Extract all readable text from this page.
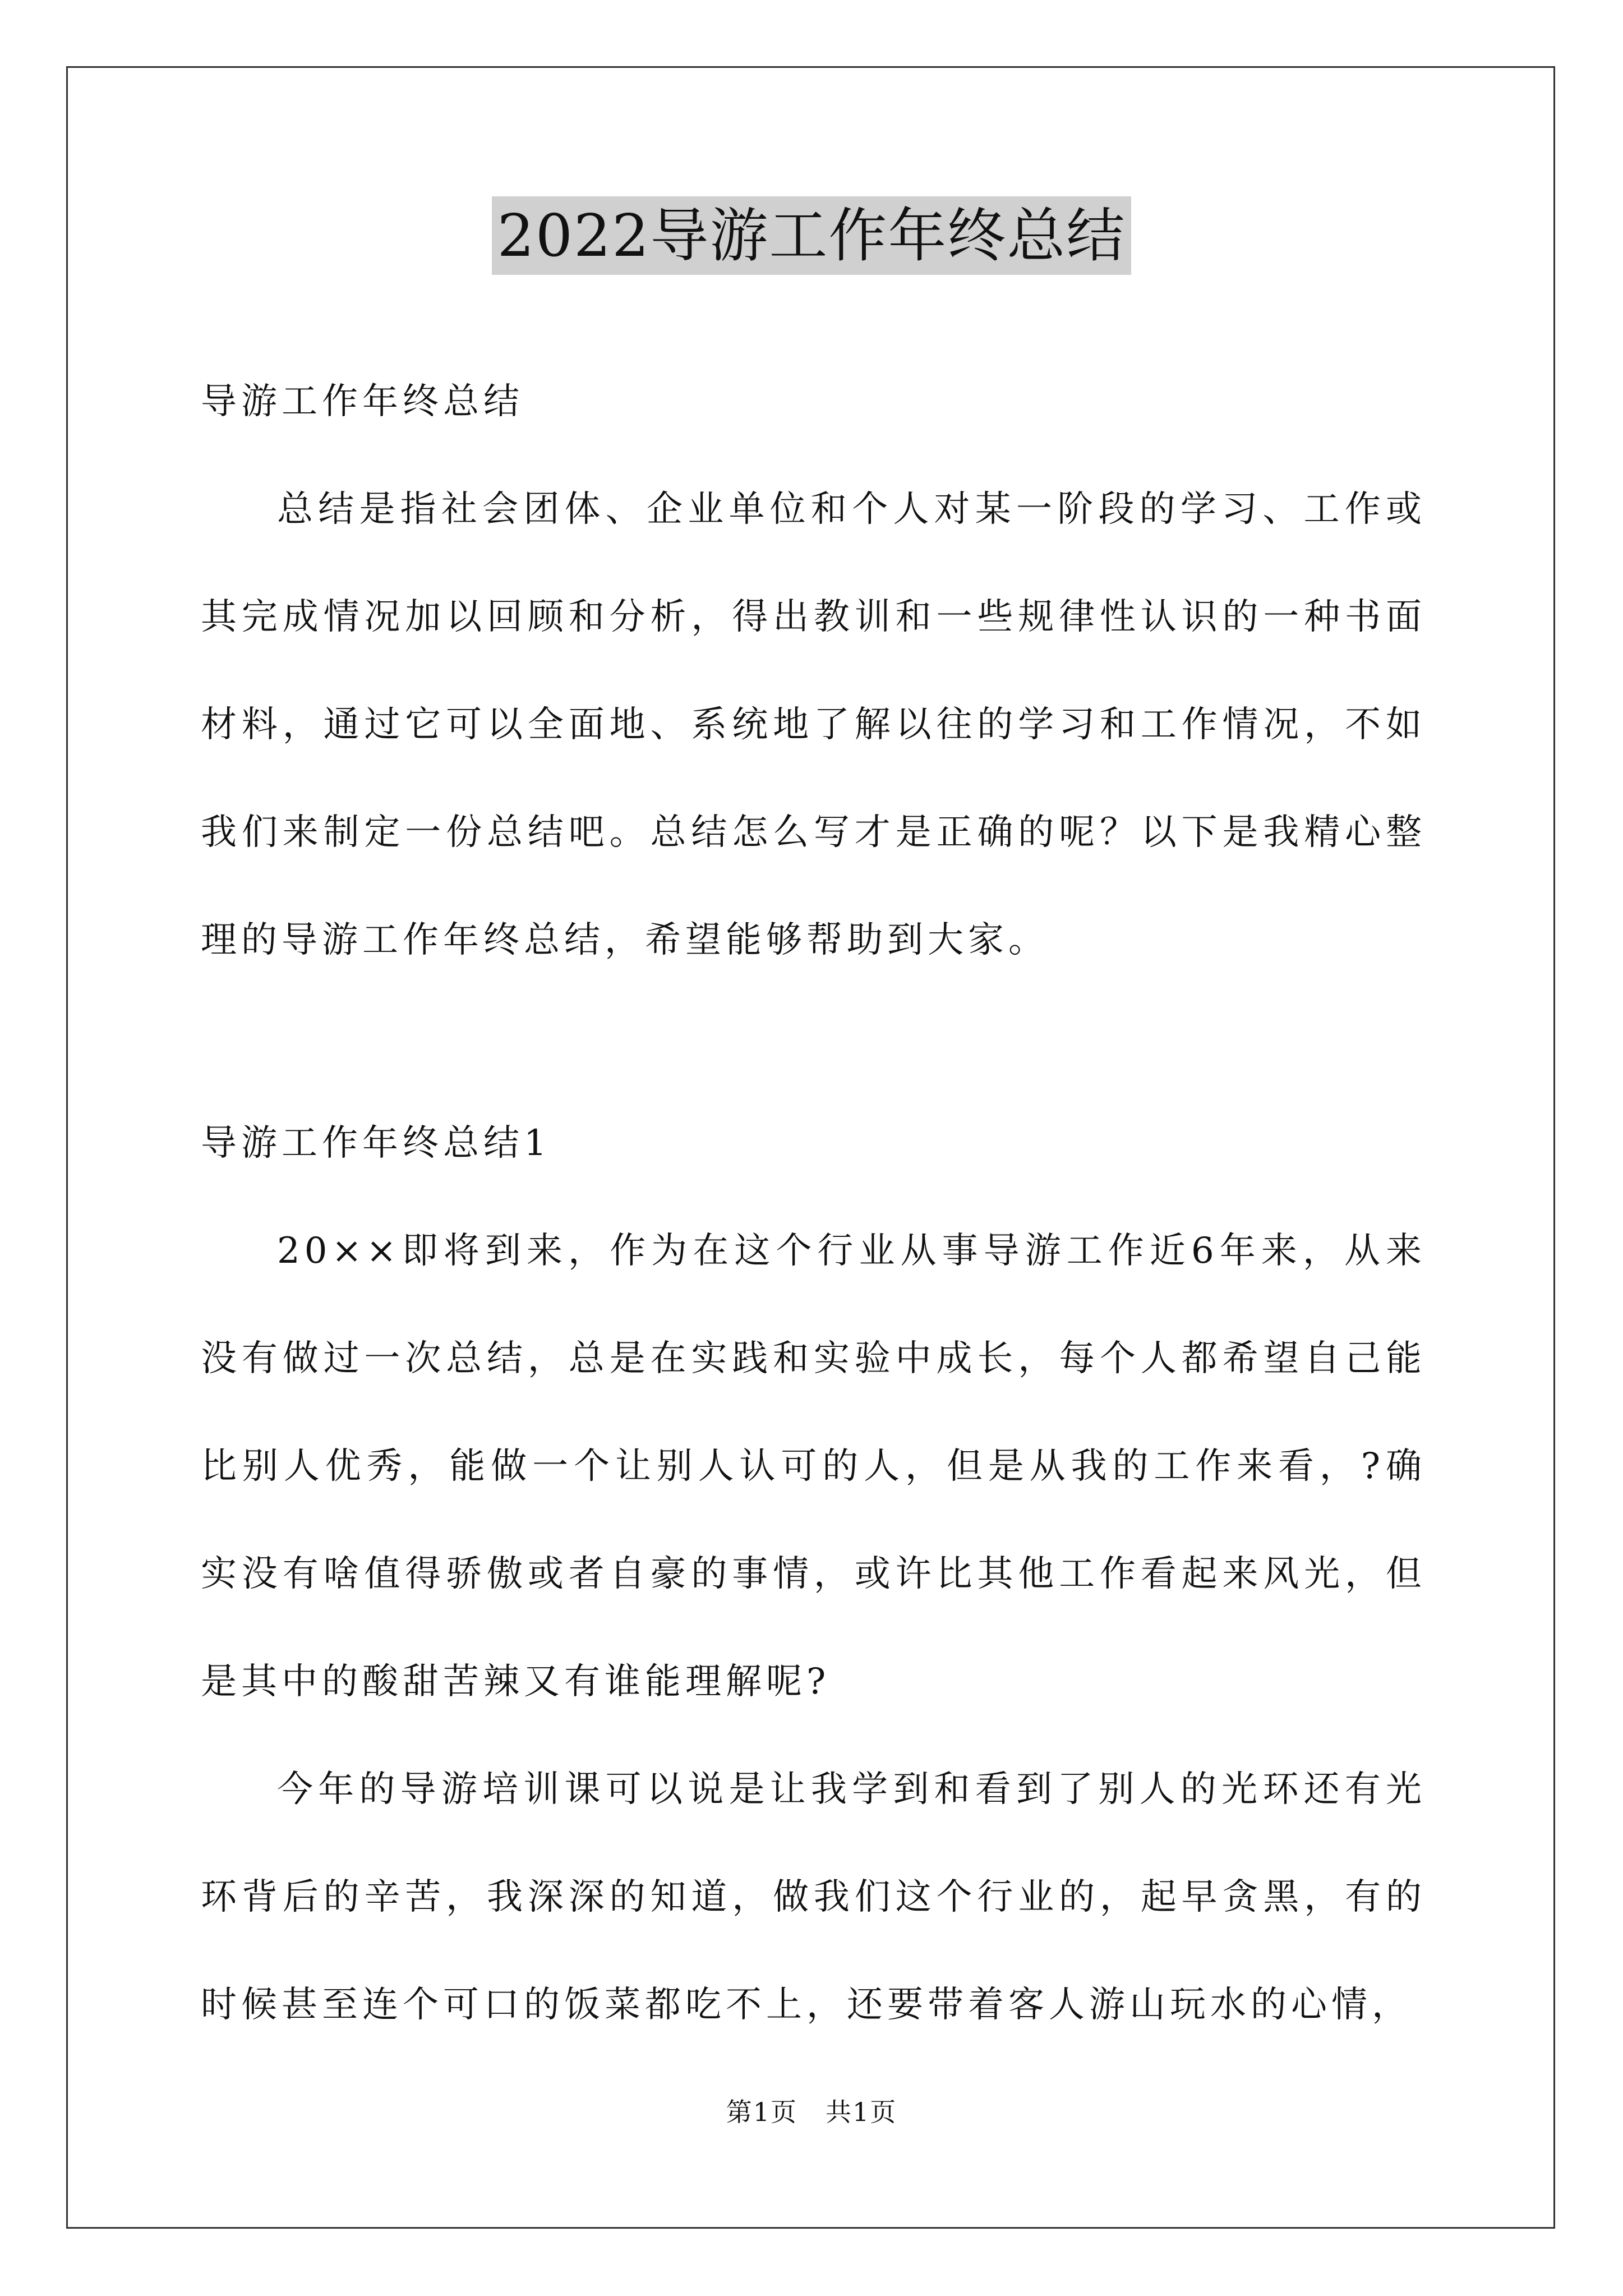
2022导游工作年终总结

导游工作年终总结

总结是指社会团体、企业单位和个人对某一阶段的学习、工作或其完成情况加以回顾和分析，得出教训和一些规律性认识的一种书面材料，通过它可以全面地、系统地了解以往的学习和工作情况，不如我们来制定一份总结吧。总结怎么写才是正确的呢？以下是我精心整理的导游工作年终总结，希望能够帮助到大家。

导游工作年终总结1

20××即将到来，作为在这个行业从事导游工作近6年来，从来没有做过一次总结，总是在实践和实验中成长，每个人都希望自己能比别人优秀，能做一个让别人认可的人，但是从我的工作来看，?确实没有啥值得骄傲或者自豪的事情，或许比其他工作看起来风光，但是其中的酸甜苦辣又有谁能理解呢?

今年的导游培训课可以说是让我学到和看到了别人的光环还有光环背后的辛苦，我深深的知道，做我们这个行业的，起早贪黑，有的时候甚至连个可口的饭菜都吃不上，还要带着客人游山玩水的心情，

第1页 共1页
